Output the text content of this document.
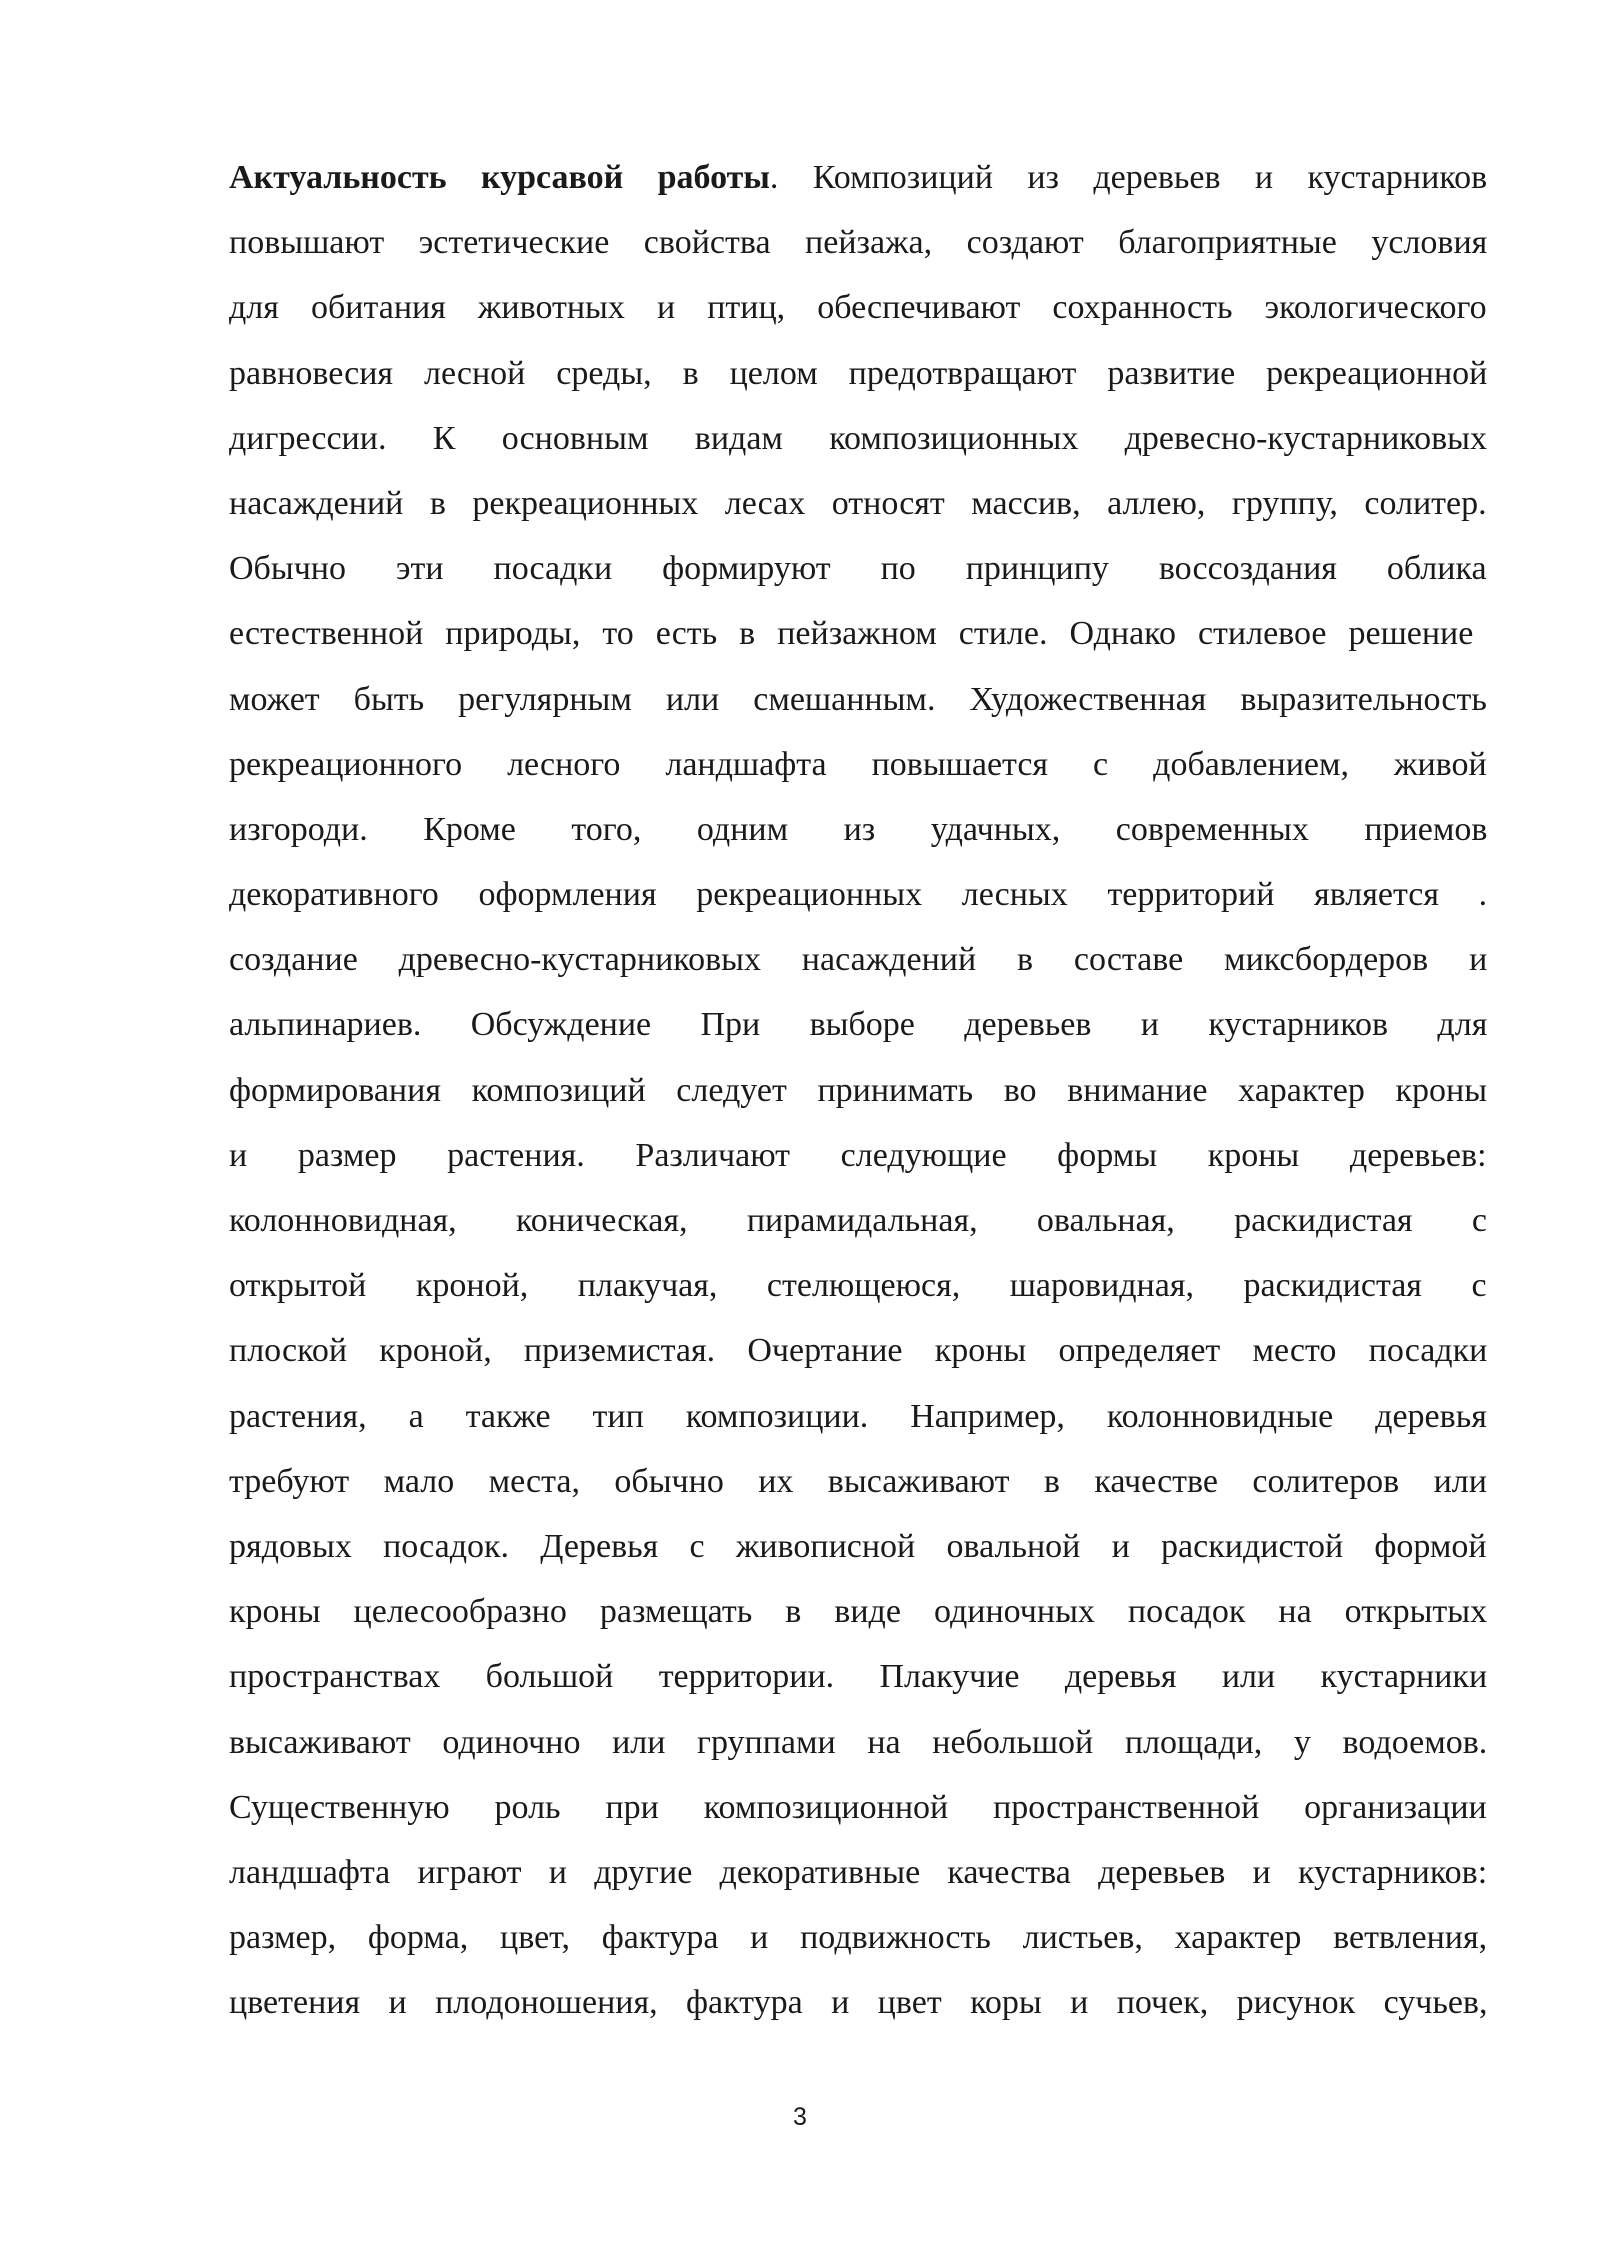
Актуальность курсавой работы. Композиций из деревьев и кустарников
повышают эстетические свойства пейзажа, создают благоприятные условия
для обитания животных и птиц, обеспечивают сохранность экологического
равновесия лесной среды, в целом предотвращают развитие рекреационной
дигрессии. К основным видам композиционных древесно-кустарниковых
насаждений в рекреационных лесах относят массив, аллею, группу, солитер.
Обычно эти посадки формируют по принципу воссоздания облика
естественной природы, то есть в пейзажном стиле. Однако стилевое решение
может быть регулярным или смешанным. Художественная выразительность
рекреационного лесного ландшафта повышается с добавлением, живой
изгороди. Кроме того, одним из удачных, современных приемов
декоративного оформления рекреационных лесных территорий является .
создание древесно-кустарниковых насаждений в составе миксбордеров и
альпинариев. Обсуждение При выборе деревьев и кустарников для
формирования композиций следует принимать во внимание характер кроны
и размер растения. Различают следующие формы кроны деревьев:
колонновидная, коническая, пирамидальная, овальная, раскидистая с
открытой кроной, плакучая, стелющеюся, шаровидная, раскидистая с
плоской кроной, приземистая. Очертание кроны определяет место посадки
растения, а также тип композиции. Например, колонновидные деревья
требуют мало места, обычно их высаживают в качестве солитеров или
рядовых посадок. Деревья с живописной овальной и раскидистой формой
кроны целесообразно размещать в виде одиночных посадок на открытых
пространствах большой территории. Плакучие деревья или кустарники
высаживают одиночно или группами на небольшой площади, у водоемов.
Существенную роль при композиционной пространственной организации
ландшафта играют и другие декоративные качества деревьев и кустарников:
размер, форма, цвет, фактура и подвижность листьев, характер ветвления,
цветения и плодоношения, фактура и цвет коры и почек, рисунок сучьев,
3
